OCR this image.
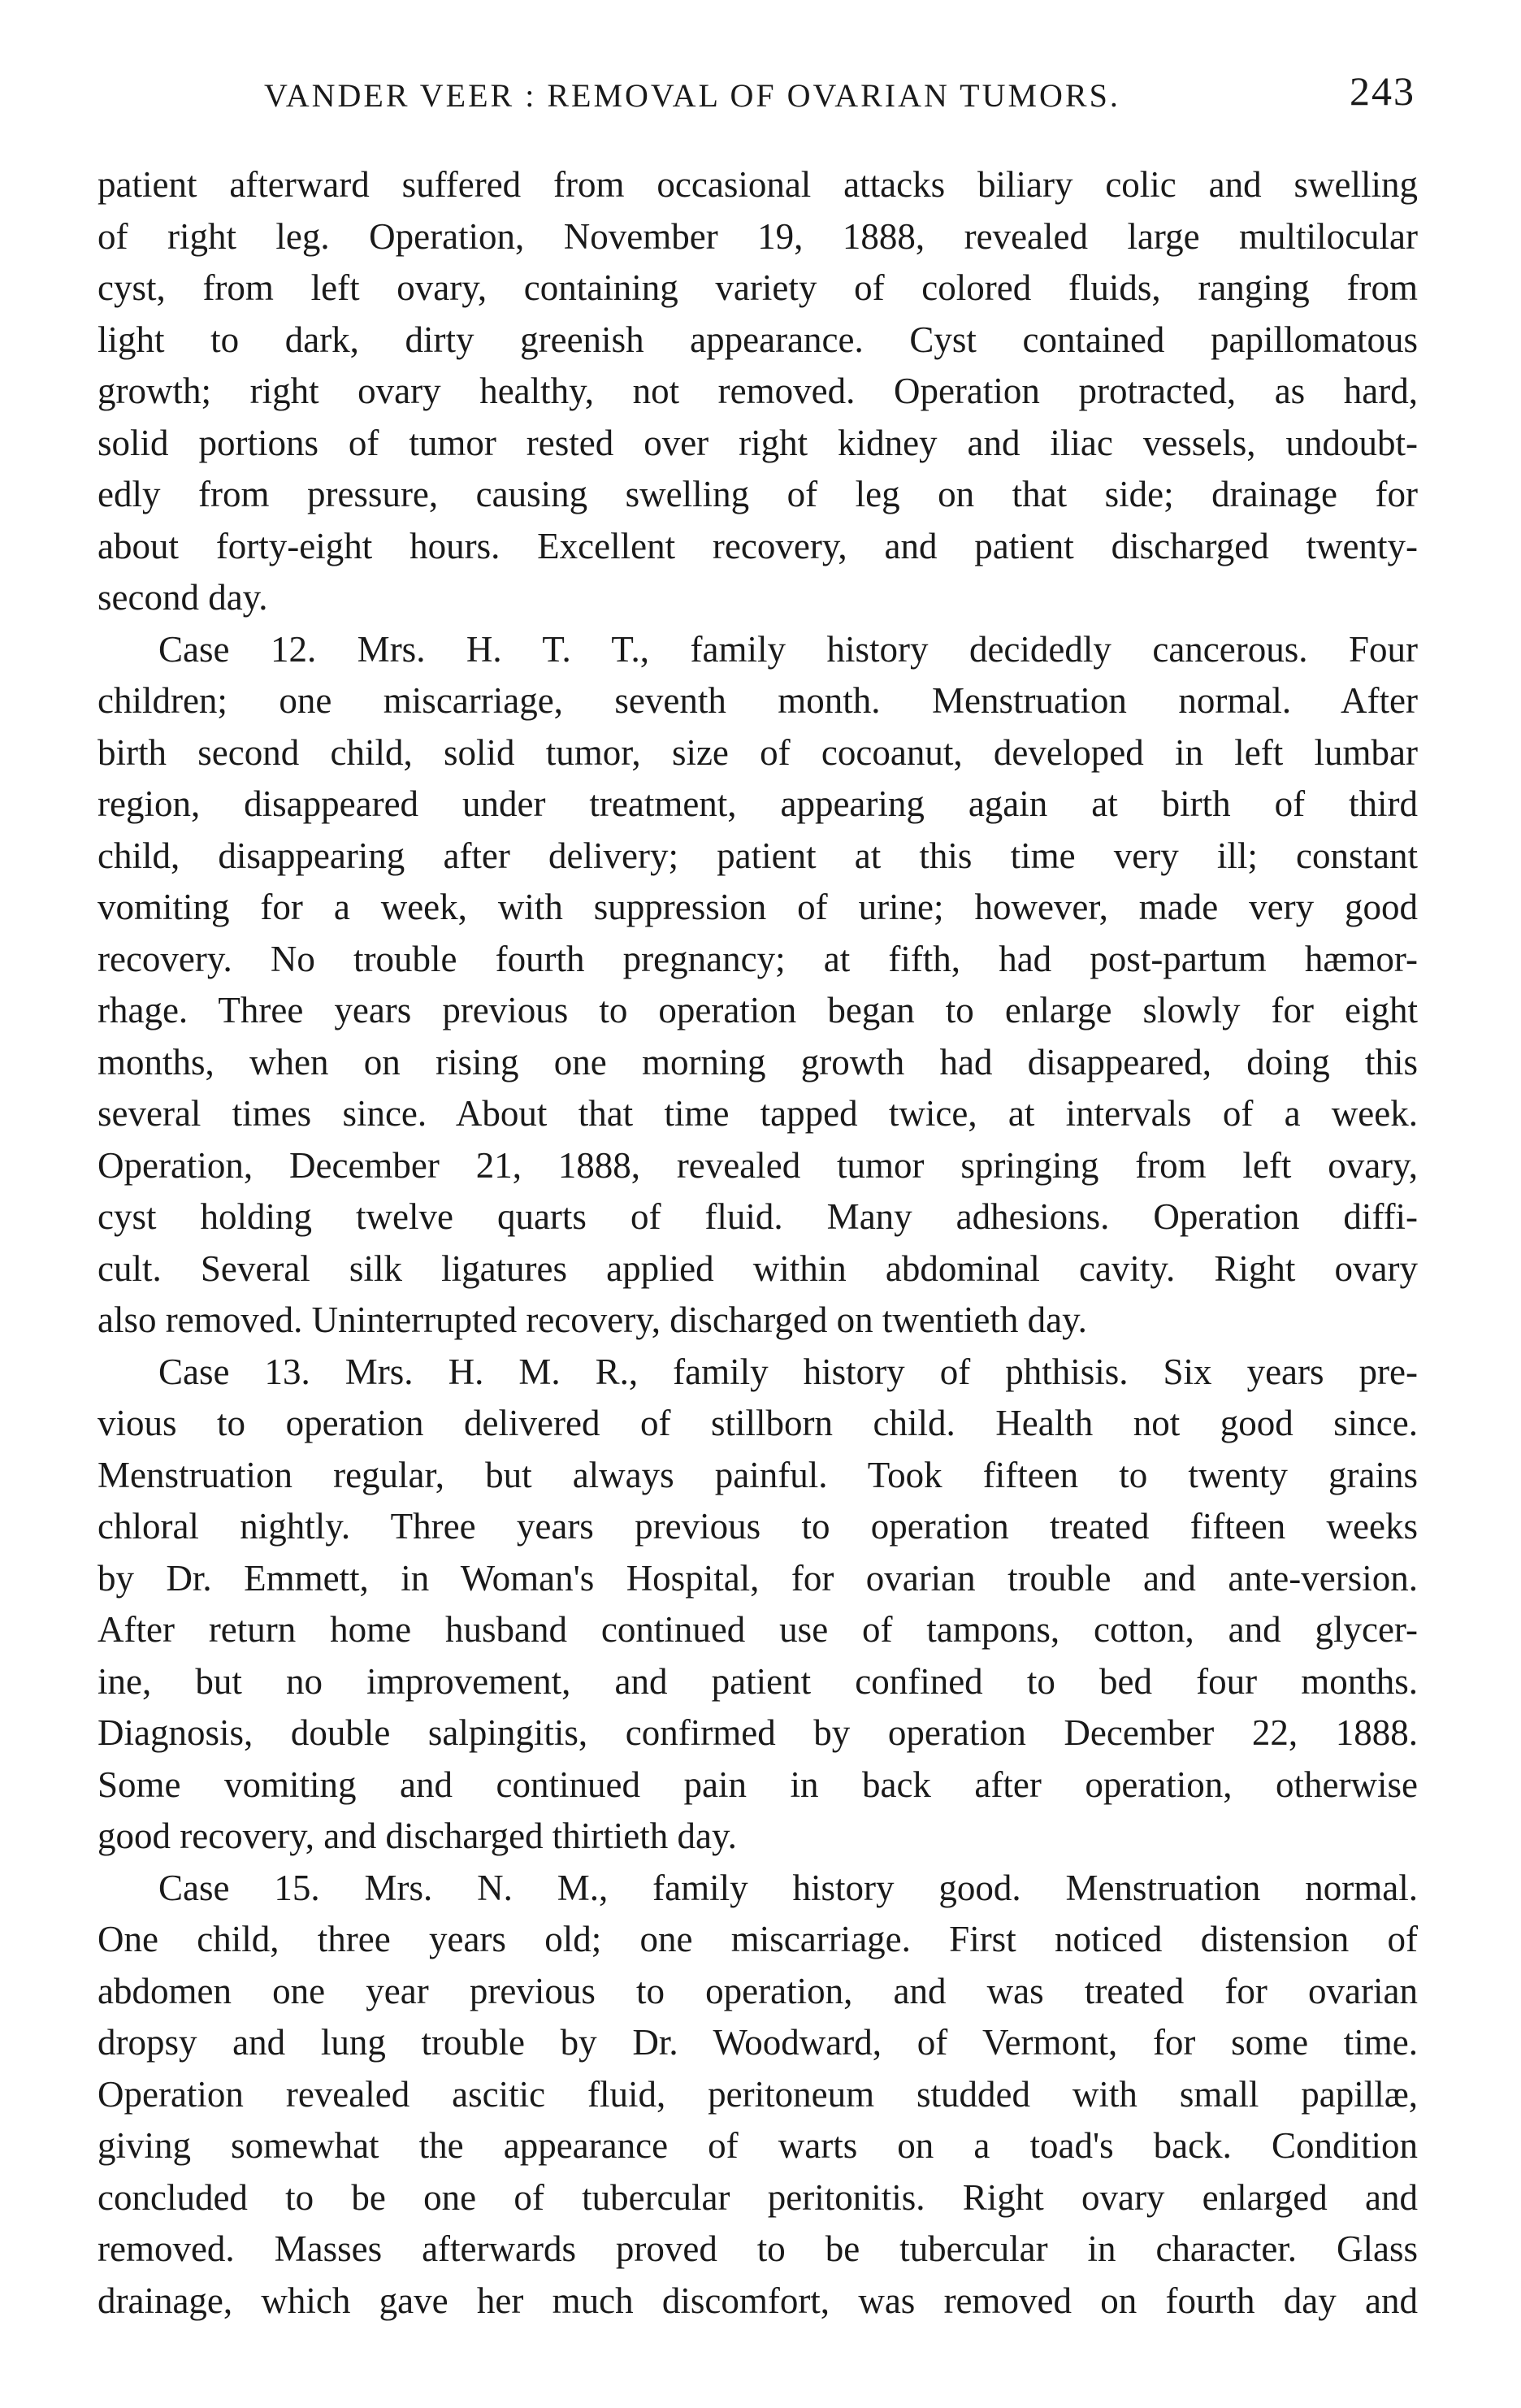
VANDER VEER : REMOVAL OF OVARIAN TUMORS.	243
patient afterward suffered from occasional attacks biliary colic and swelling
of right leg. Operation, November 19, 1888, revealed large multilocular
cyst, from left ovary, containing variety of colored fluids, ranging from
light to dark, dirty greenish appearance. Cyst contained papillomatous
growth; right ovary healthy, not removed. Operation protracted, as hard,
solid portions of tumor rested over right kidney and iliac vessels, undoubt-
edly from pressure, causing swelling of leg on that side; drainage for
about forty-eight hours. Excellent recovery, and patient discharged twenty-
second day.
Case 12. Mrs. H. T. T., family history decidedly cancerous. Four
children; one miscarriage, seventh month. Menstruation normal. After
birth second child, solid tumor, size of cocoanut, developed in left lumbar
region, disappeared under treatment, appearing again at birth of third
child, disappearing after delivery; patient at this time very ill; constant
vomiting for a week, with suppression of urine; however, made very good
recovery. No trouble fourth pregnancy; at fifth, had post-partum hæmor-
rhage. Three years previous to operation began to enlarge slowly for eight
months, when on rising one morning growth had disappeared, doing this
several times since. About that time tapped twice, at intervals of a week.
Operation, December 21, 1888, revealed tumor springing from left ovary,
cyst holding twelve quarts of fluid. Many adhesions. Operation diffi-
cult. Several silk ligatures applied within abdominal cavity. Right ovary
also removed. Uninterrupted recovery, discharged on twentieth day.
Case 13. Mrs. H. M. R., family history of phthisis. Six years pre-
vious to operation delivered of stillborn child. Health not good since.
Menstruation regular, but always painful. Took fifteen to twenty grains
chloral nightly. Three years previous to operation treated fifteen weeks
by Dr. Emmett, in Woman's Hospital, for ovarian trouble and ante-version.
After return home husband continued use of tampons, cotton, and glycer-
ine, but no improvement, and patient confined to bed four months.
Diagnosis, double salpingitis, confirmed by operation December 22, 1888.
Some vomiting and continued pain in back after operation, otherwise
good recovery, and discharged thirtieth day.
Case 15. Mrs. N. M., family history good. Menstruation normal.
One child, three years old; one miscarriage. First noticed distension of
abdomen one year previous to operation, and was treated for ovarian
dropsy and lung trouble by Dr. Woodward, of Vermont, for some time.
Operation revealed ascitic fluid, peritoneum studded with small papillæ,
giving somewhat the appearance of warts on a toad's back. Condition
concluded to be one of tubercular peritonitis. Right ovary enlarged and
removed. Masses afterwards proved to be tubercular in character. Glass
drainage, which gave her much discomfort, was removed on fourth day and
